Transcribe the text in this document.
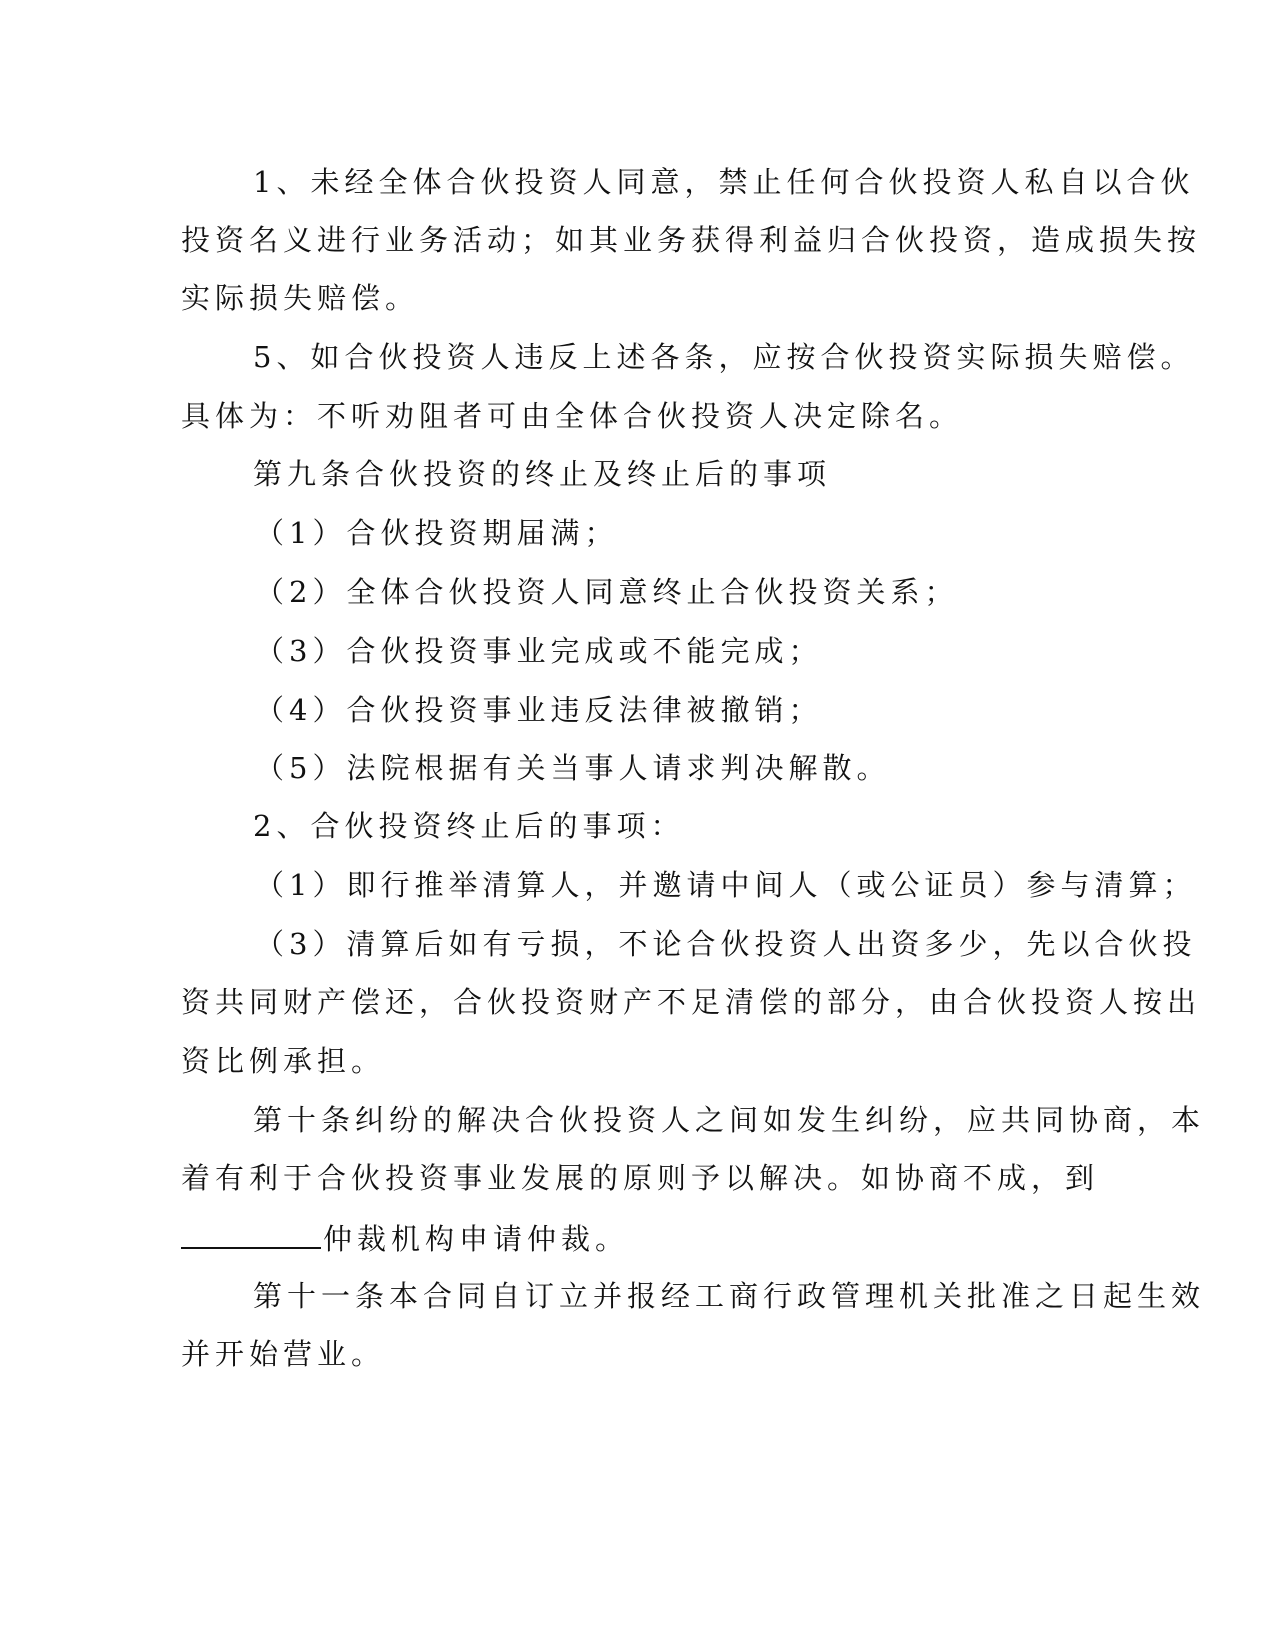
1、未经全体合伙投资人同意，禁止任何合伙投资人私自以合伙
投资名义进行业务活动；如其业务获得利益归合伙投资，造成损失按
实际损失赔偿。
5、如合伙投资人违反上述各条，应按合伙投资实际损失赔偿。
具体为：不听劝阻者可由全体合伙投资人决定除名。
第九条合伙投资的终止及终止后的事项
（1）合伙投资期届满；
（2）全体合伙投资人同意终止合伙投资关系；
（3）合伙投资事业完成或不能完成；
（4）合伙投资事业违反法律被撤销；
（5）法院根据有关当事人请求判决解散。
2、合伙投资终止后的事项：
（1）即行推举清算人，并邀请中间人（或公证员）参与清算；
（3）清算后如有亏损，不论合伙投资人出资多少，先以合伙投
资共同财产偿还，合伙投资财产不足清偿的部分，由合伙投资人按出
资比例承担。
第十条纠纷的解决合伙投资人之间如发生纠纷，应共同协商，本
着有利于合伙投资事业发展的原则予以解决。如协商不成，到
仲裁机构申请仲裁。
第十一条本合同自订立并报经工商行政管理机关批准之日起生效
并开始营业。
